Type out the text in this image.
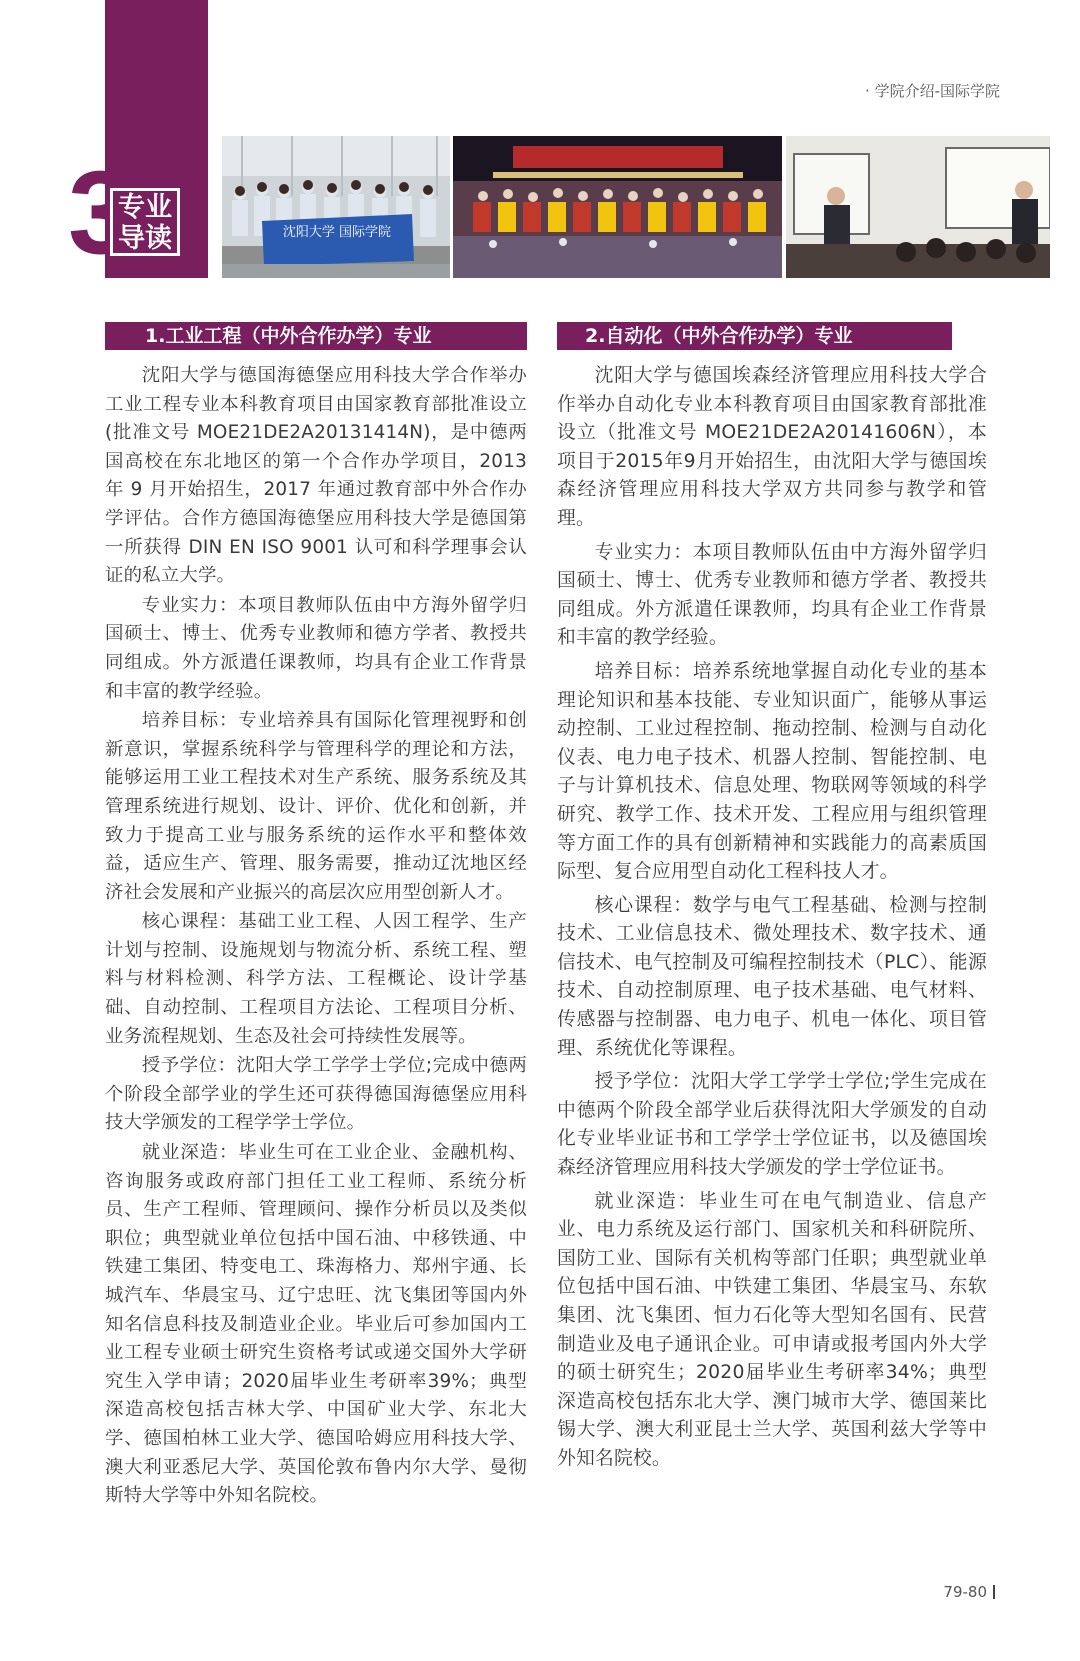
3
专业导读
· 学院介绍-国际学院
沈阳大学 国际学院
1.工业工程（中外合作办学）专业

沈阳大学与德国海德堡应用科技大学合作举办工业工程专业本科教育项目由国家教育部批准设立 (批准文号 MOE21DE2A20131414N)，是中德两国高校在东北地区的第一个合作办学项目，2013 年 9 月开始招生，2017 年通过教育部中外合作办学评估。合作方德国海德堡应用科技大学是德国第一所获得 DIN EN ISO 9001 认可和科学理事会认证的私立大学。

专业实力：本项目教师队伍由中方海外留学归国硕士、博士、优秀专业教师和德方学者、教授共同组成。外方派遣任课教师，均具有企业工作背景和丰富的教学经验。

培养目标：专业培养具有国际化管理视野和创新意识，掌握系统科学与管理科学的理论和方法，能够运用工业工程技术对生产系统、服务系统及其管理系统进行规划、设计、评价、优化和创新，并致力于提高工业与服务系统的运作水平和整体效益，适应生产、管理、服务需要，推动辽沈地区经济社会发展和产业振兴的高层次应用型创新人才。

核心课程：基础工业工程、人因工程学、生产计划与控制、设施规划与物流分析、系统工程、塑料与材料检测、科学方法、工程概论、设计学基础、自动控制、工程项目方法论、工程项目分析、业务流程规划、生态及社会可持续性发展等。

授予学位：沈阳大学工学学士学位;完成中德两个阶段全部学业的学生还可获得德国海德堡应用科技大学颁发的工程学学士学位。

就业深造：毕业生可在工业企业、金融机构、咨询服务或政府部门担任工业工程师、系统分析员、生产工程师、管理顾问、操作分析员以及类似职位；典型就业单位包括中国石油、中移铁通、中铁建工集团、特变电工、珠海格力、郑州宇通、长城汽车、华晨宝马、辽宁忠旺、沈飞集团等国内外知名信息科技及制造业企业。毕业后可参加国内工业工程专业硕士研究生资格考试或递交国外大学研究生入学申请；2020届毕业生考研率39%；典型深造高校包括吉林大学、中国矿业大学、东北大学、德国柏林工业大学、德国哈姆应用科技大学、澳大利亚悉尼大学、英国伦敦布鲁内尔大学、曼彻斯特大学等中外知名院校。

2.自动化（中外合作办学）专业

沈阳大学与德国埃森经济管理应用科技大学合作举办自动化专业本科教育项目由国家教育部批准设立（批准文号 MOE21DE2A20141606N），本项目于2015年9月开始招生，由沈阳大学与德国埃森经济管理应用科技大学双方共同参与教学和管理。

专业实力：本项目教师队伍由中方海外留学归国硕士、博士、优秀专业教师和德方学者、教授共同组成。外方派遣任课教师，均具有企业工作背景和丰富的教学经验。

培养目标：培养系统地掌握自动化专业的基本理论知识和基本技能、专业知识面广，能够从事运动控制、工业过程控制、拖动控制、检测与自动化仪表、电力电子技术、机器人控制、智能控制、电子与计算机技术、信息处理、物联网等领域的科学研究、教学工作、技术开发、工程应用与组织管理等方面工作的具有创新精神和实践能力的高素质国际型、复合应用型自动化工程科技人才。

核心课程：数学与电气工程基础、检测与控制技术、工业信息技术、微处理技术、数字技术、通信技术、电气控制及可编程控制技术（PLC）、能源技术、自动控制原理、电子技术基础、电气材料、传感器与控制器、电力电子、机电一体化、项目管理、系统优化等课程。

授予学位：沈阳大学工学学士学位;学生完成在中德两个阶段全部学业后获得沈阳大学颁发的自动化专业毕业证书和工学学士学位证书，以及德国埃森经济管理应用科技大学颁发的学士学位证书。

就业深造：毕业生可在电气制造业、信息产业、电力系统及运行部门、国家机关和科研院所、国防工业、国际有关机构等部门任职；典型就业单位包括中国石油、中铁建工集团、华晨宝马、东软集团、沈飞集团、恒力石化等大型知名国有、民营制造业及电子通讯企业。可申请或报考国内外大学的硕士研究生；2020届毕业生考研率34%；典型深造高校包括东北大学、澳门城市大学、德国莱比锡大学、澳大利亚昆士兰大学、英国利兹大学等中外知名院校。

79-80
